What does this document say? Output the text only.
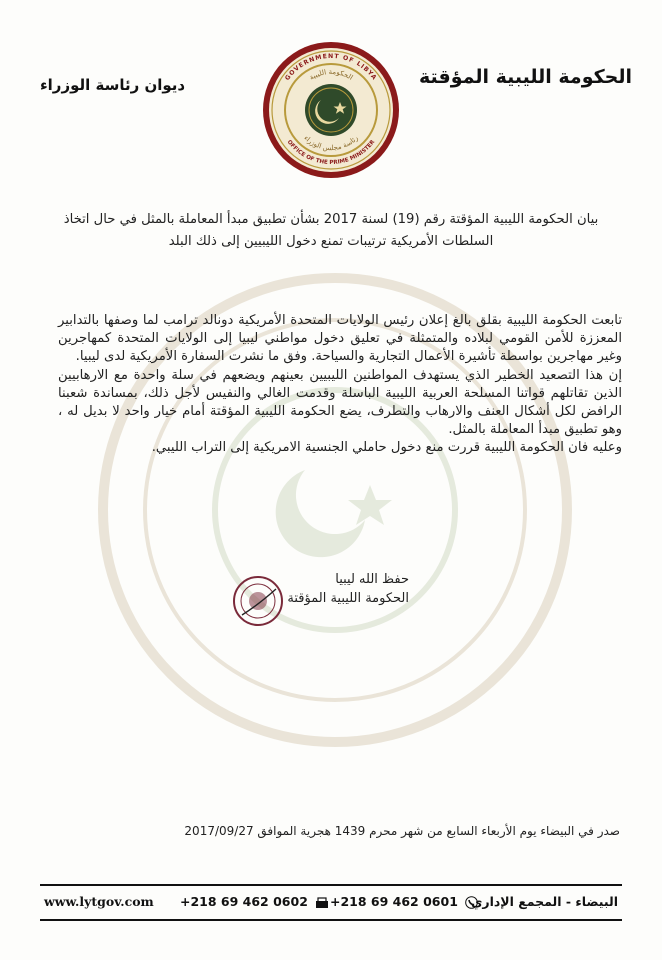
الحكومة الليبية المؤقتة
ديوان رئاسة الوزراء	GOVERNMENT OF LIBYA
OFFICE OF THE PRIME MINISTER
الحكومة الليبية
رئاسة مجلس الوزراء
بيان الحكومة الليبية المؤقتة رقم (19) لسنة 2017 بشأن تطبيق مبدأ المعاملة بالمثل في حال اتخاذ
السلطات الأمريكية ترتيبات تمنع دخول الليبيين إلى ذلك البلد

تابعت الحكومة الليبية بقلق بالغ إعلان رئيس الولايات المتحدة الأمريكية دونالد ترامب لما وصفها بالتدابير المعززة للأمن القومي لبلاده والمتمثلة في تعليق دخول مواطني ليبيا إلى الولايات المتحدة كمهاجرين وغير مهاجرين بواسطة تأشيرة الأعمال التجارية والسياحة. وفق ما نشرت السفارة الأمريكية لدى ليبيا.

إن هذا التصعيد الخطير الذي يستهدف المواطنين الليبيين بعينهم ويضعهم في سلة واحدة مع الارهابيين الذين تقاتلهم قواتنا المسلحة العربية الليبية الباسلة وقدمت الغالي والنفيس لأجل ذلك، بمساندة شعبنا الرافض لكل أشكال العنف والارهاب والتطرف، يضع الحكومة الليبية المؤقتة أمام خيار واحد لا بديل له ، وهو تطبيق مبدأ المعاملة بالمثل.

وعليه فان الحكومة الليبية قررت منع دخول حاملي الجنسية الامريكية إلى التراب الليبي.

حفظ الله ليبيا
الحكومة الليبية المؤقتة
صدر في البيضاء يوم الأربعاء السابع من شهر محرم 1439 هجرية الموافق 2017/09/27
www.lytgov.com +218 69 462 0602	+218 69 462 0601	البيضاء - المجمع الإداري
